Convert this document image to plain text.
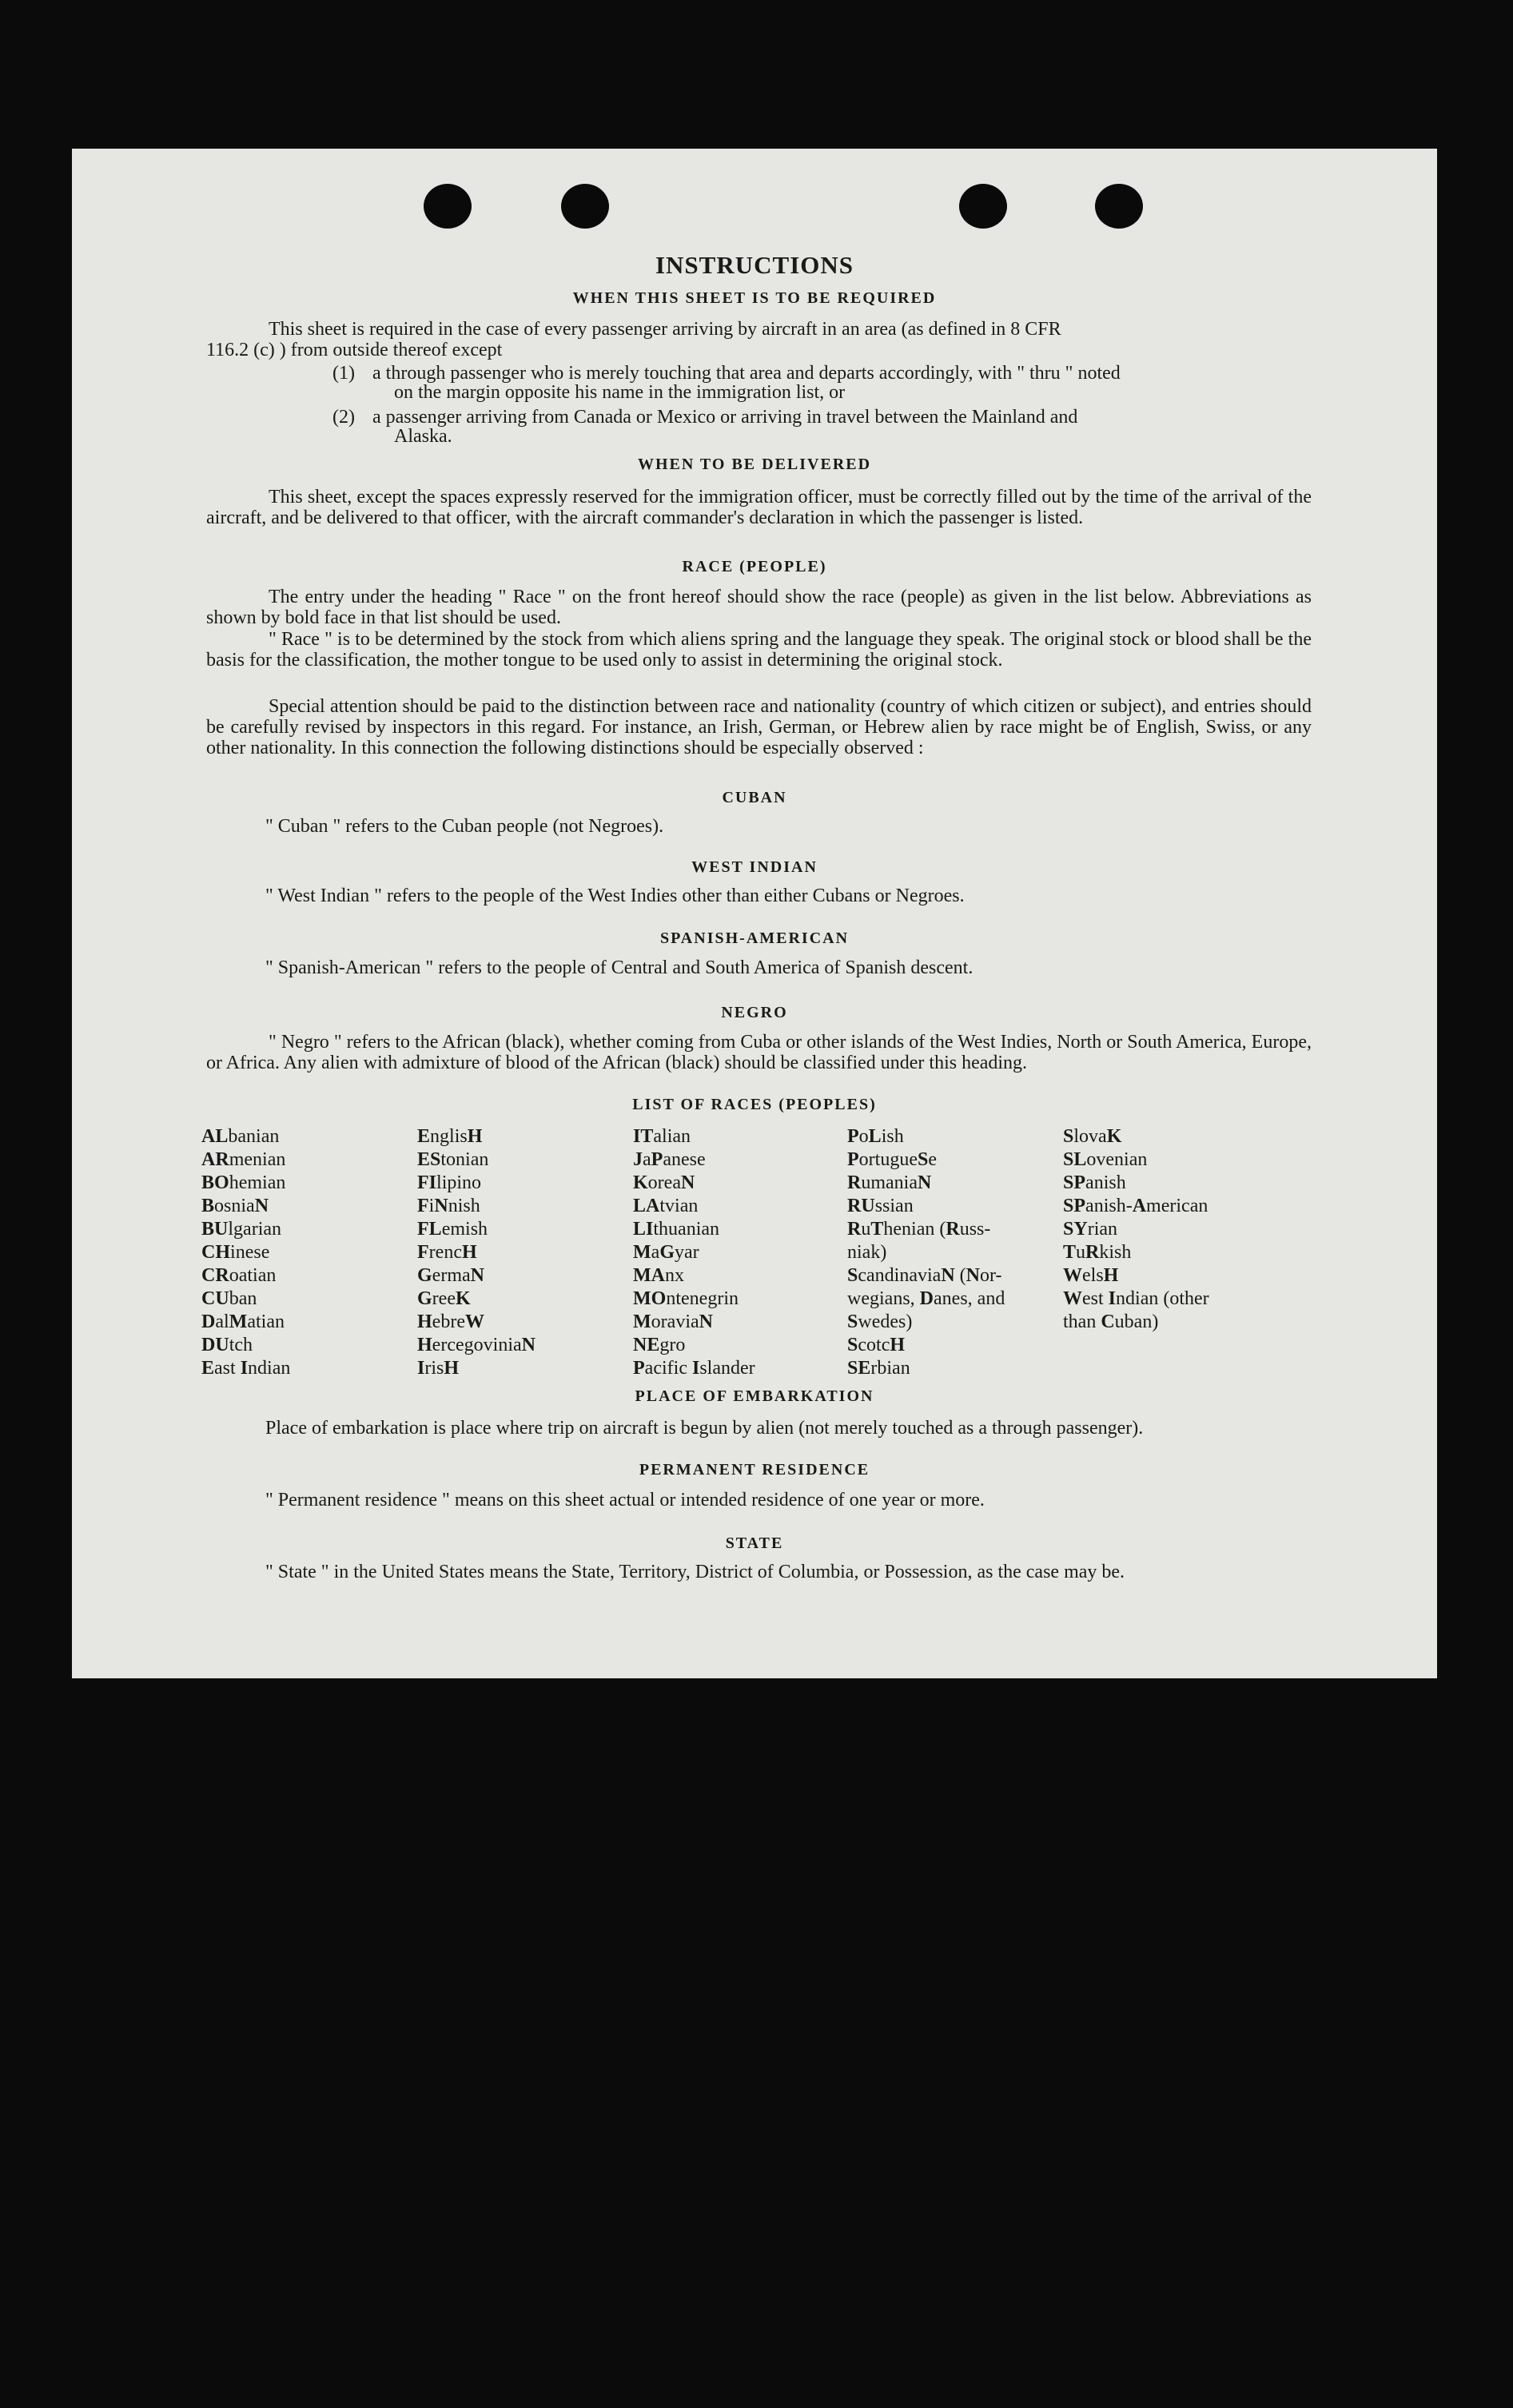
INSTRUCTIONS
WHEN THIS SHEET IS TO BE REQUIRED
This sheet is required in the case of every passenger arriving by aircraft in an area (as defined in 8 CFR
116.2 (c) ) from outside thereof except
(1) a through passenger who is merely touching that area and departs accordingly, with " thru " noted
on the margin opposite his name in the immigration list, or
(2) a passenger arriving from Canada or Mexico or arriving in travel between the Mainland and
Alaska.
WHEN TO BE DELIVERED
This sheet, except the spaces expressly reserved for the immigration officer, must be correctly filled out by the time of the arrival of the aircraft, and be delivered to that officer, with the aircraft commander's declaration in which the passenger is listed.
RACE (PEOPLE)
The entry under the heading " Race " on the front hereof should show the race (people) as given in the list below. Abbreviations as shown by bold face in that list should be used.
" Race " is to be determined by the stock from which aliens spring and the language they speak. The original stock or blood shall be the basis for the classification, the mother tongue to be used only to assist in determining the original stock.
Special attention should be paid to the distinction between race and nationality (country of which citizen or subject), and entries should be carefully revised by inspectors in this regard. For instance, an Irish, German, or Hebrew alien by race might be of English, Swiss, or any other nationality. In this connection the following distinctions should be especially observed :
CUBAN
" Cuban " refers to the Cuban people (not Negroes).
WEST INDIAN
" West Indian " refers to the people of the West Indies other than either Cubans or Negroes.
SPANISH-AMERICAN
" Spanish-American " refers to the people of Central and South America of Spanish descent.
NEGRO
" Negro " refers to the African (black), whether coming from Cuba or other islands of the West Indies, North or South America, Europe, or Africa. Any alien with admixture of blood of the African (black) should be classified under this heading.
LIST OF RACES (PEOPLES)
ALbanian
ARmenian
BOhemian
BosniaN
BUlgarian
CHinese
CRoatian
CUban
DalMatian
DUtch
East Indian
EnglisH
EStonian
FIlipino
FiNnish
FLemish
FrencH
GermaN
GreeK
HebreW
HercegoviniaN
IrisH
ITalian
JaPanese
KoreaN
LAtvian
LIthuanian
MaGyar
MAnx
MOntenegrin
MoraviaN
NEgro
Pacific Islander
PoLish
PortugueSe
RumaniaN
RUssian
RuThenian (Russ-niak)
ScandinaviaN (Nor-wegians, Danes, and Swedes)
ScotcH
SErbian
SlovaK
SLovenian
SPanish
SPanish-American
SYrian
TuRkish
WelsH
West Indian (other than Cuban)
PLACE OF EMBARKATION
Place of embarkation is place where trip on aircraft is begun by alien (not merely touched as a through passenger).
PERMANENT RESIDENCE
" Permanent residence " means on this sheet actual or intended residence of one year or more.
STATE
" State " in the United States means the State, Territory, District of Columbia, or Possession, as the case may be.
